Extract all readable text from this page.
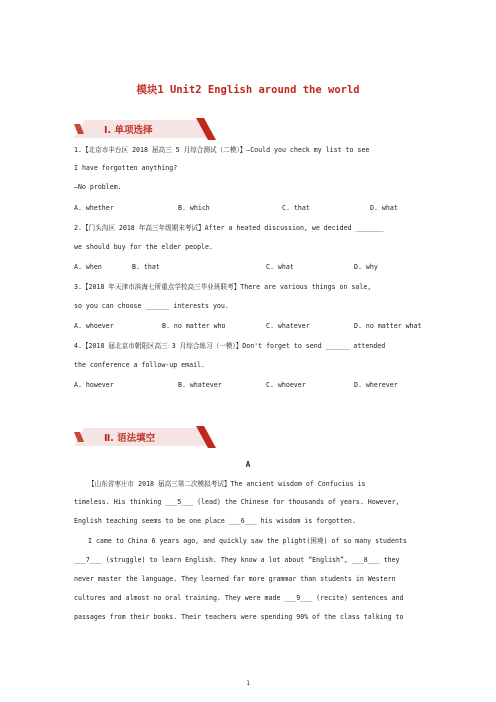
模块1 Unit2 English around the world
Ⅰ. 单项选择
1.【北京市丰台区 2018 届高三 5 月综合测试（二模）】—Could you check my list to see
I have forgotten anything?
—No problem.
A. whether	B. which	C. that	D. what
2.【门头沟区 2018 年高三年级期末考试】After a heated discussion, we decided _______
we should buy for the elder people.
A. when	B. that	C. what	D. why
3.【2018 年天津市滨海七所重点学校高三毕业班联考】There are various things on sale,
so you can choose ______ interests you.
A. whoever	B. no matter who	C. whatever	D. no matter what
4.【2018 届北京市朝阳区高三 3 月综合练习（一模）】Don't forget to send ______ attended
the conference a follow-up email.
A. however	B. whatever	C. whoever	D. wherever
Ⅱ. 语法填空
A
【山东省枣庄市 2018 届高三第二次模拟考试】The ancient wisdom of Confucius is
timeless. His thinking ___5___ (lead) the Chinese for thousands of years. However,
English teaching seems to be one place ___6___ his wisdom is forgotten.
I came to China 6 years ago, and quickly saw the plight(困境) of so many students
___7___ (struggle) to learn English. They know a lot about “English”, ___8___ they
never master the language. They learned far more grammar than students in Western
cultures and almost no oral training. They were made ___9___ (recite) sentences and
passages from their books. Their teachers were spending 90% of the class talking to
1
